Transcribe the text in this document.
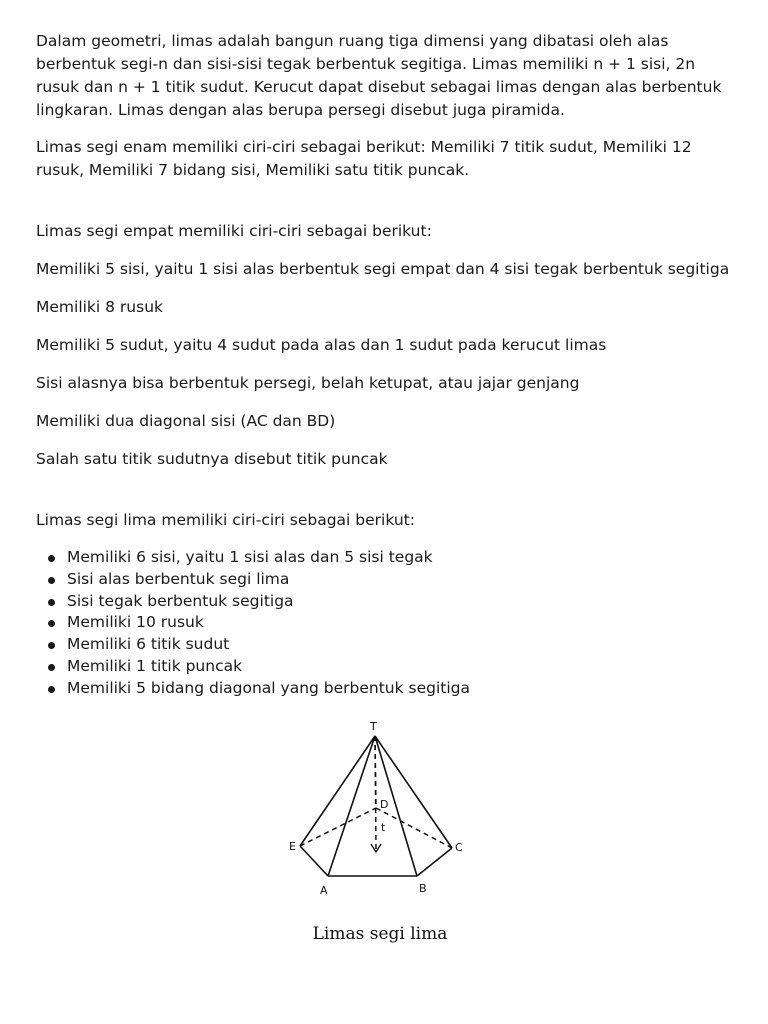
Dalam geometri, limas adalah bangun ruang tiga dimensi yang dibatasi oleh alas berbentuk segi-n dan sisi-sisi tegak berbentuk segitiga. Limas memiliki n + 1 sisi, 2n rusuk dan n + 1 titik sudut. Kerucut dapat disebut sebagai limas dengan alas berbentuk lingkaran. Limas dengan alas berupa persegi disebut juga piramida.

Limas segi enam memiliki ciri-ciri sebagai berikut: Memiliki 7 titik sudut, Memiliki 12 rusuk, Memiliki 7 bidang sisi, Memiliki satu titik puncak.

Limas segi empat memiliki ciri-ciri sebagai berikut:

Memiliki 5 sisi, yaitu 1 sisi alas berbentuk segi empat dan 4 sisi tegak berbentuk segitiga

Memiliki 8 rusuk

Memiliki 5 sudut, yaitu 4 sudut pada alas dan 1 sudut pada kerucut limas

Sisi alasnya bisa berbentuk persegi, belah ketupat, atau jajar genjang

Memiliki dua diagonal sisi (AC dan BD)

Salah satu titik sudutnya disebut titik puncak

Limas segi lima memiliki ciri-ciri sebagai berikut:

Memiliki 6 sisi, yaitu 1 sisi alas dan 5 sisi tegak
Sisi alas berbentuk segi lima
Sisi tegak berbentuk segitiga
Memiliki 10 rusuk
Memiliki 6 titik sudut
Memiliki 1 titik puncak
Memiliki 5 bidang diagonal yang berbentuk segitiga
T
D
t
E	C
A	B
Limas segi lima
